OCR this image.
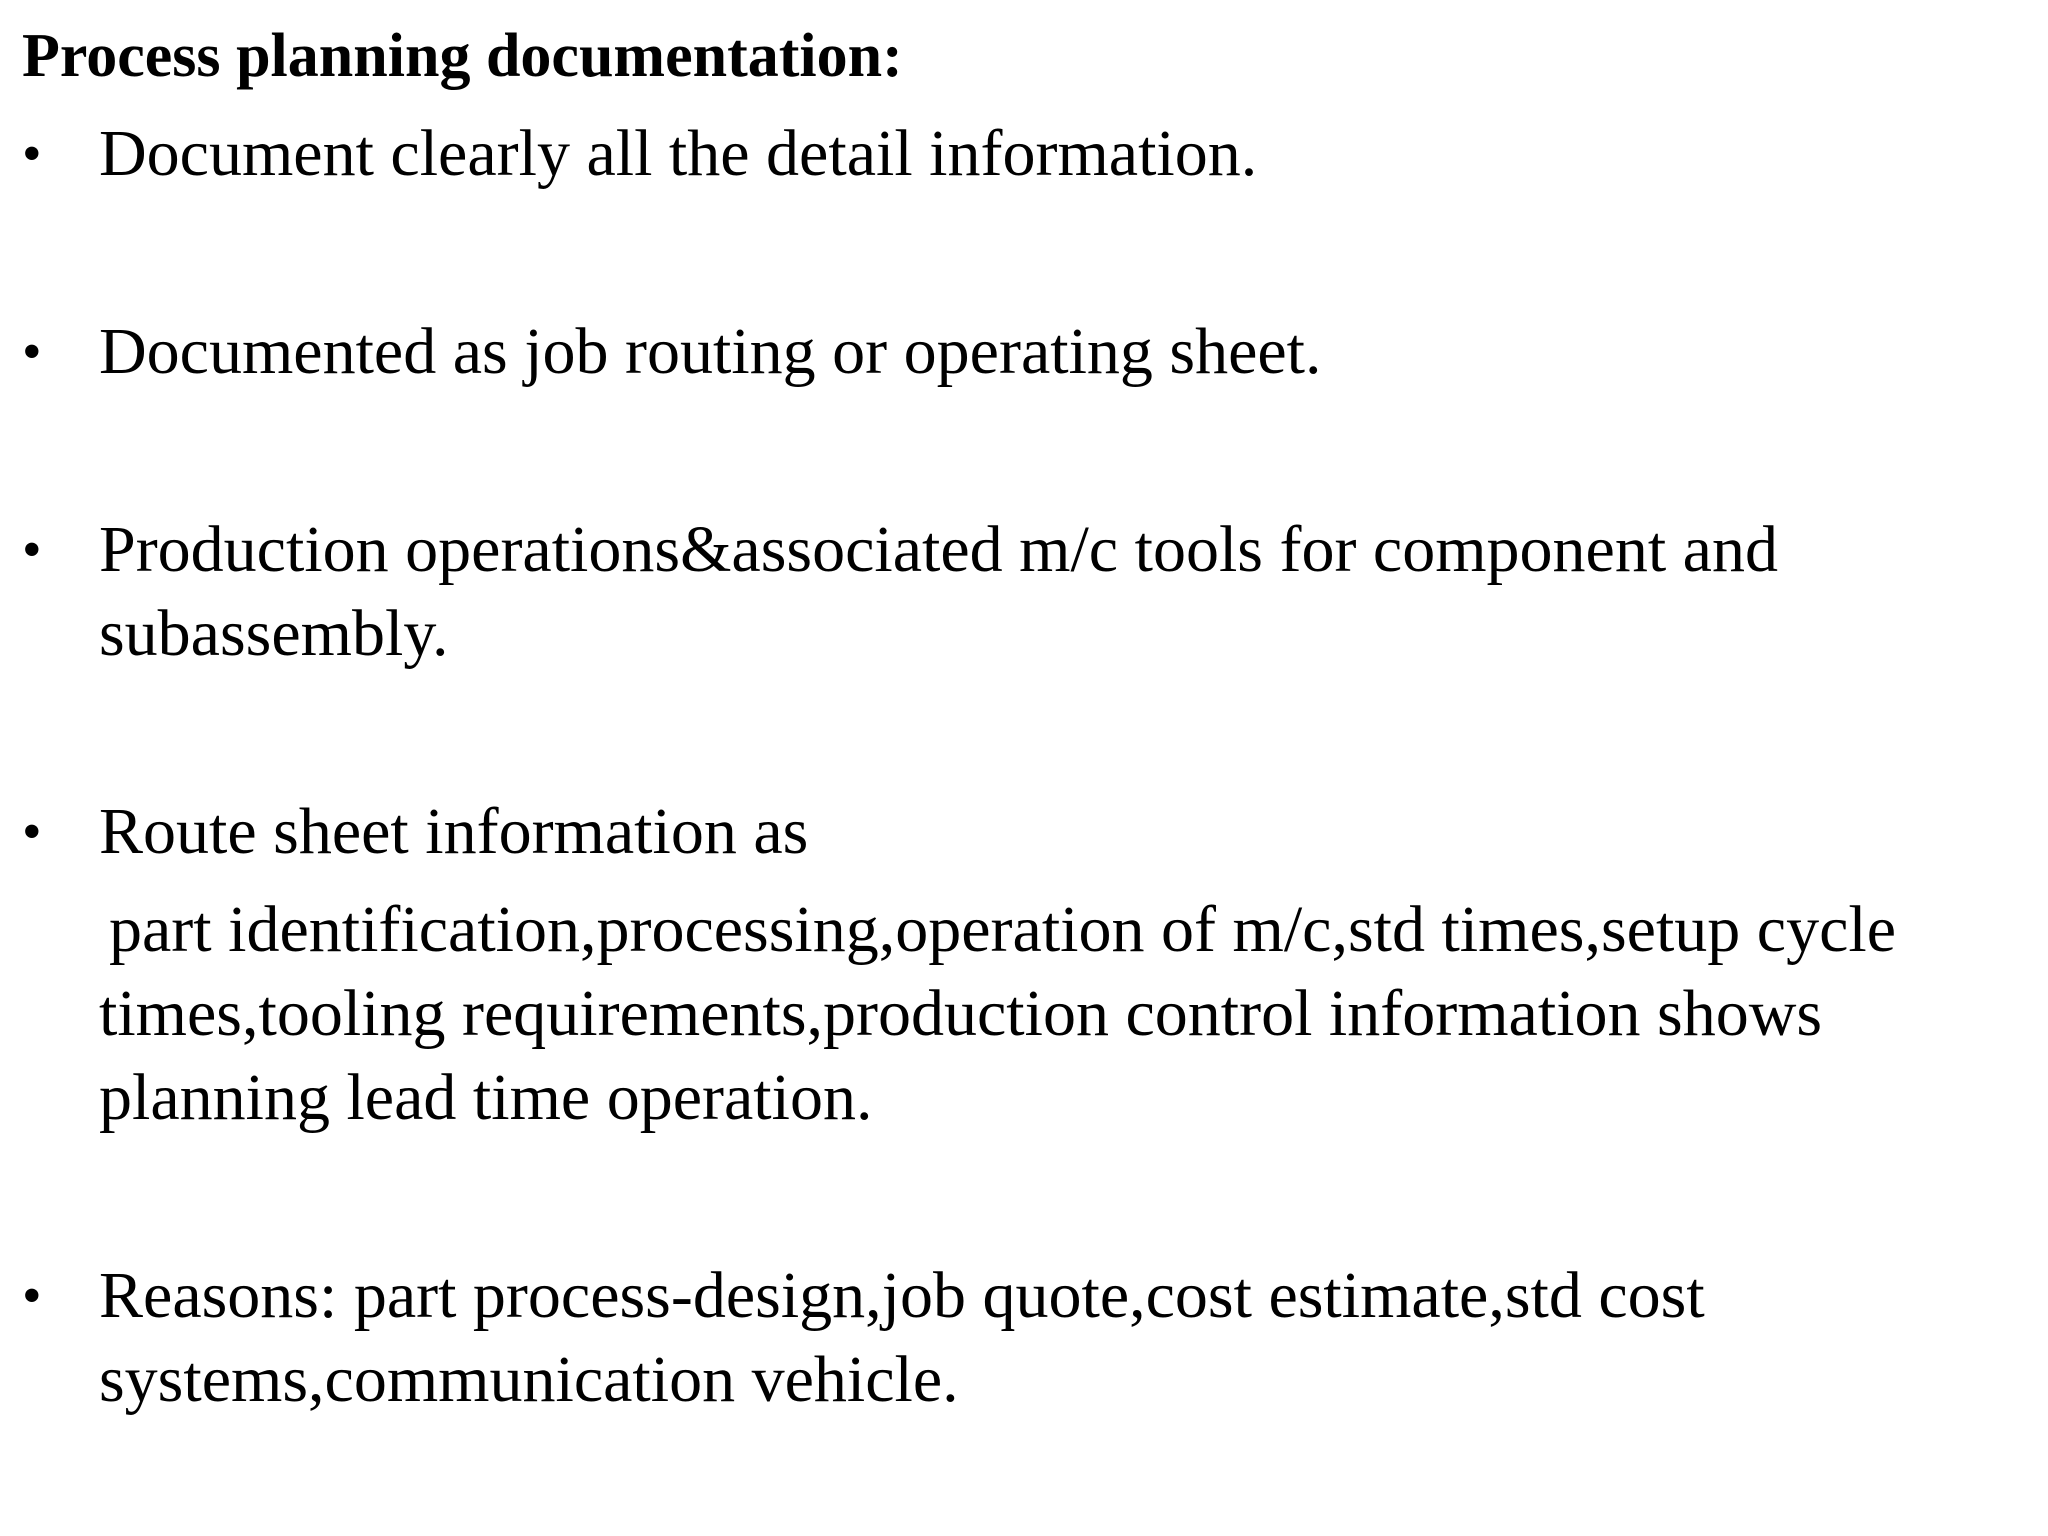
Process planning documentation:
• Document clearly all the detail information.
• Documented as job routing or operating sheet.
• Production operations&associated m/c tools for component and subassembly.
• Route sheet information as
part identification,processing,operation of m/c,std times,setup cycle times,tooling requirements,production control information shows planning lead time operation.
• Reasons: part process-design,job quote,cost estimate,std cost systems,communication vehicle.
